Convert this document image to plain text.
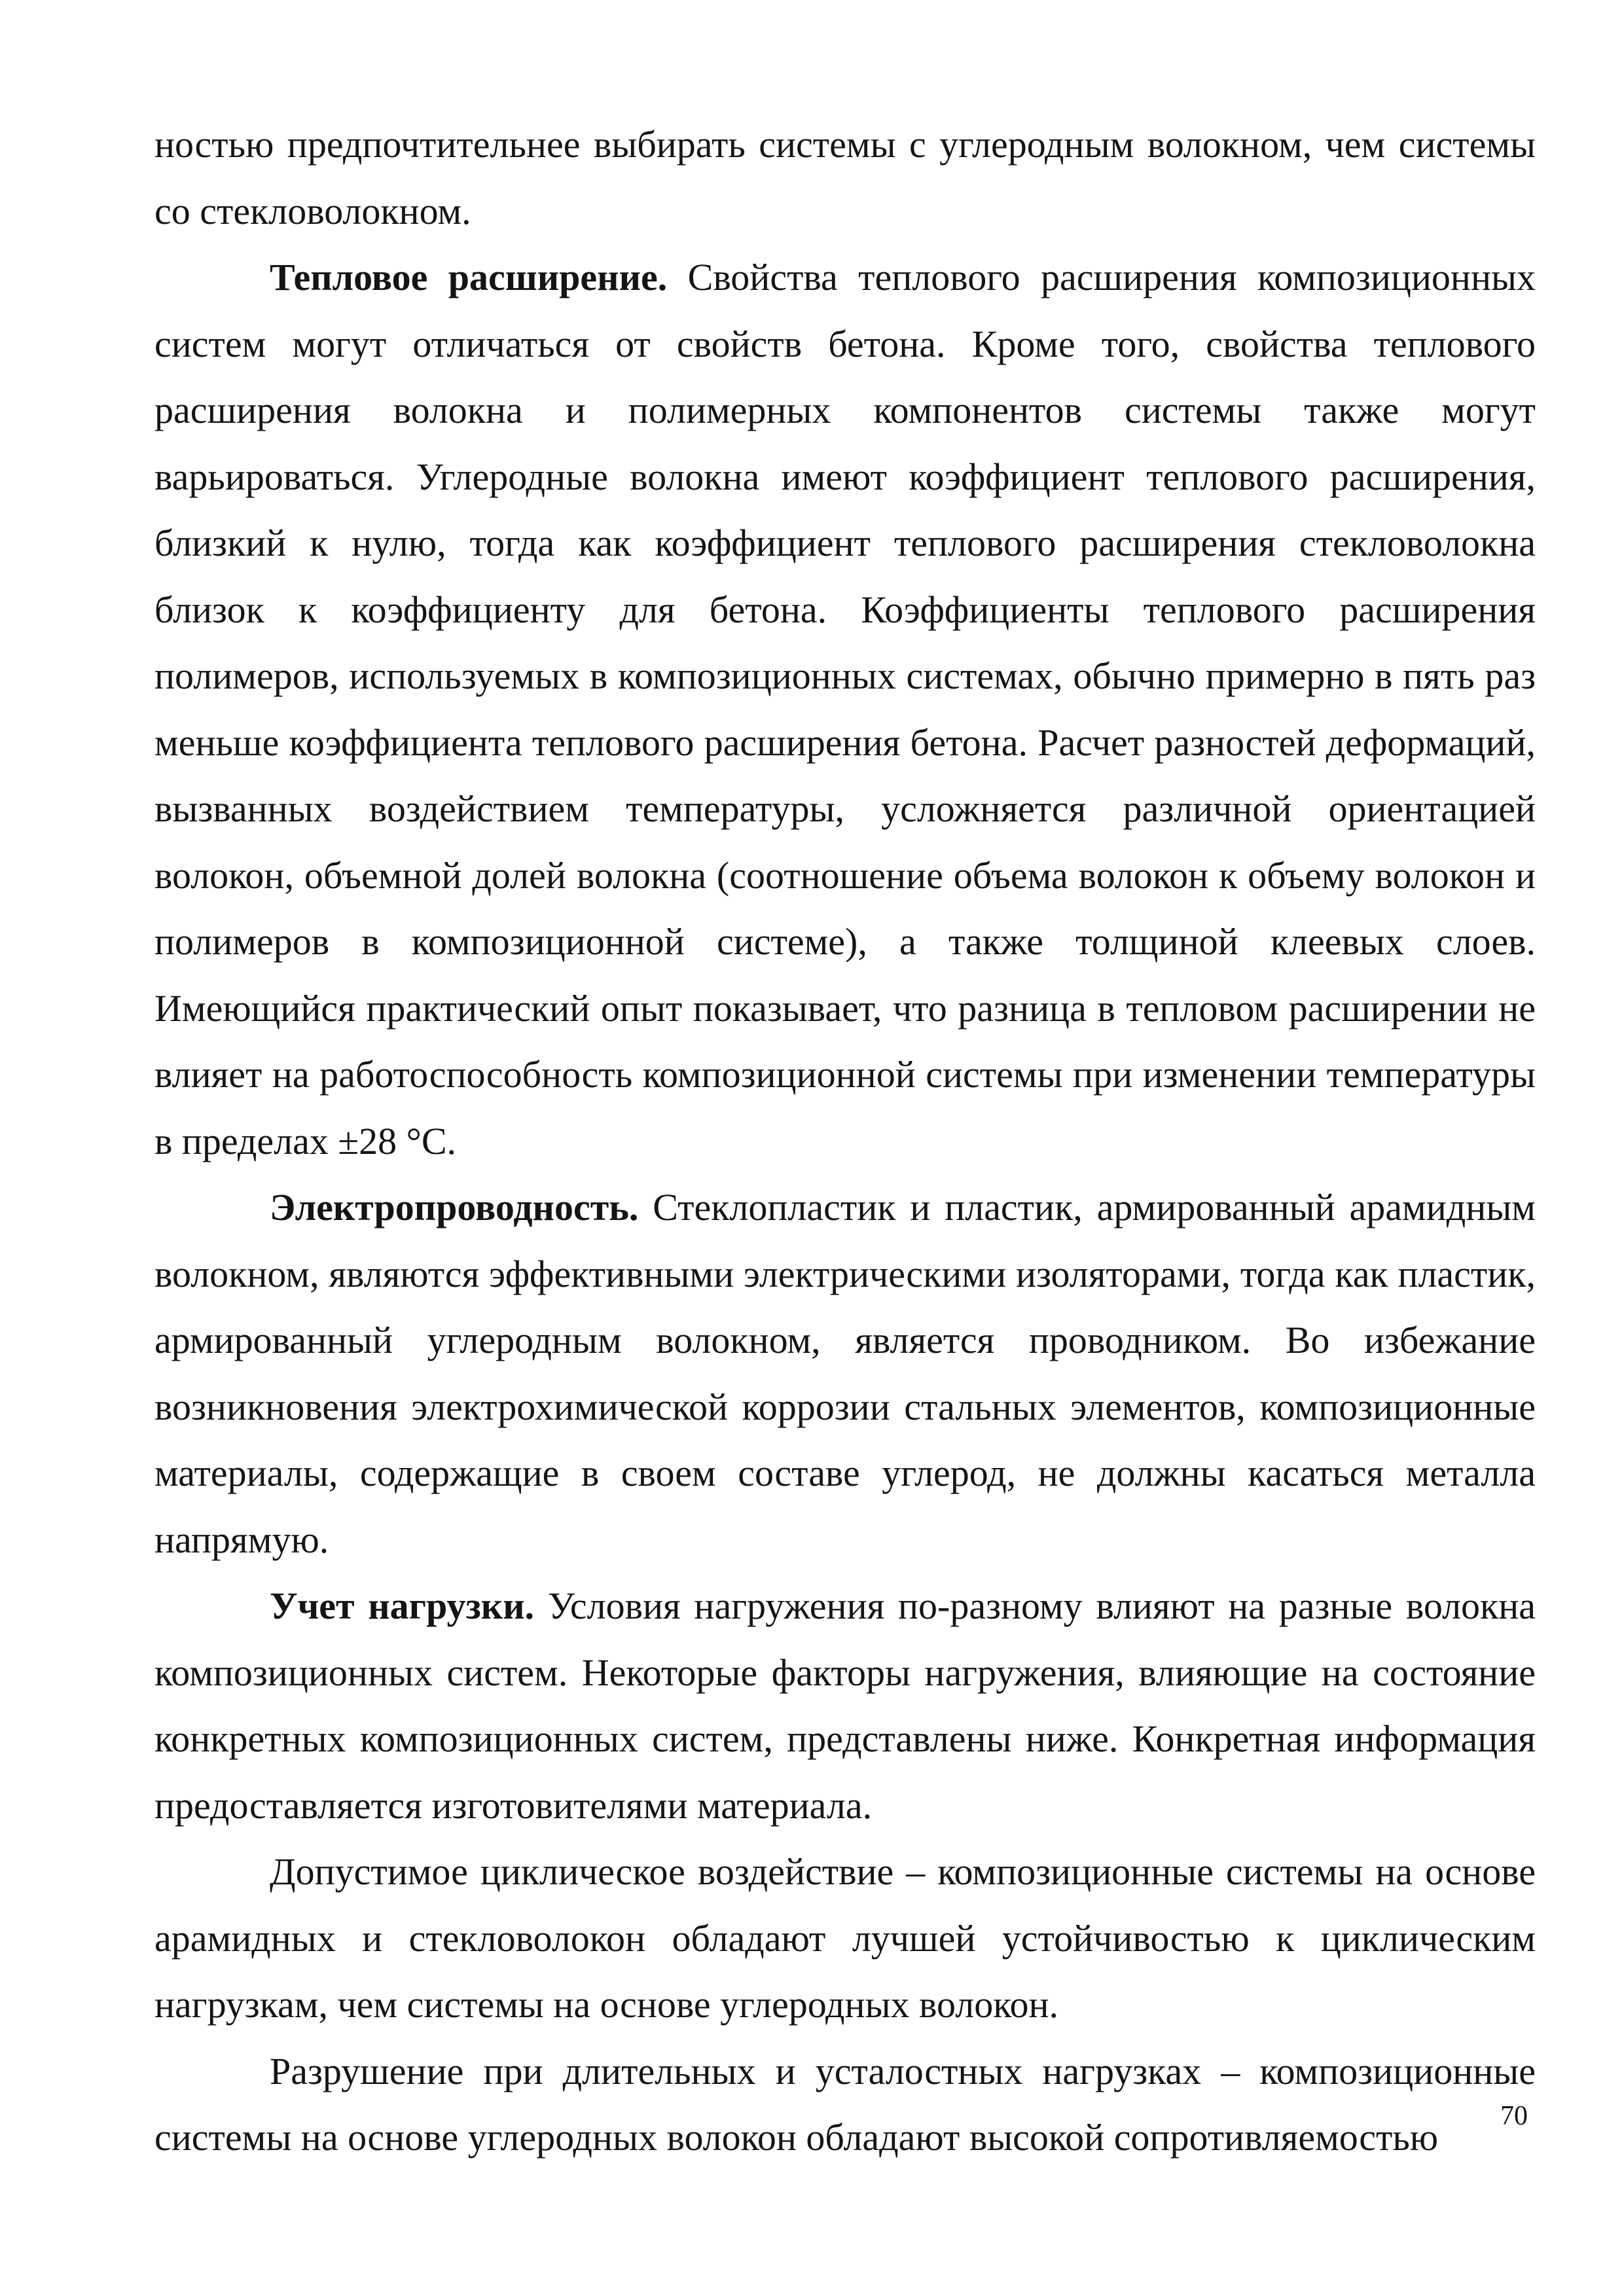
ностью предпочтительнее выбирать системы с углеродным волокном, чем системы со стекловолокном.

Тепловое расширение. Свойства теплового расширения композиционных систем могут отличаться от свойств бетона. Кроме того, свойства теплового расширения волокна и полимерных компонентов системы также могут варьироваться. Углеродные волокна имеют коэффициент теплового расширения, близкий к нулю, тогда как коэффициент теплового расширения стекловолокна близок к коэффициенту для бетона. Коэффициенты теплового расширения полимеров, используемых в композиционных системах, обычно примерно в пять раз меньше коэффициента теплового расширения бетона. Расчет разностей деформаций, вызванных воздействием температуры, усложняется различной ориентацией волокон, объемной долей волокна (соотношение объема волокон к объему волокон и полимеров в композиционной системе), а также толщиной клеевых слоев. Имеющийся практический опыт показывает, что разница в тепловом расширении не влияет на работоспособность композиционной системы при изменении температуры в пределах ±28 °C.

Электропроводность. Стеклопластик и пластик, армированный арамидным волокном, являются эффективными электрическими изоляторами, тогда как пластик, армированный углеродным волокном, является проводником. Во избежание возникновения электрохимической коррозии стальных элементов, композиционные материалы, содержащие в своем составе углерод, не должны касаться металла напрямую.

Учет нагрузки. Условия нагружения по-разному влияют на разные волокна композиционных систем. Некоторые факторы нагружения, влияющие на состояние конкретных композиционных систем, представлены ниже. Конкретная информация предоставляется изготовителями материала.

Допустимое циклическое воздействие – композиционные системы на основе арамидных и стекловолокон обладают лучшей устойчивостью к циклическим нагрузкам, чем системы на основе углеродных волокон.

Разрушение при длительных и усталостных нагрузках – композиционные системы на основе углеродных волокон обладают высокой сопротивляемостью	70
